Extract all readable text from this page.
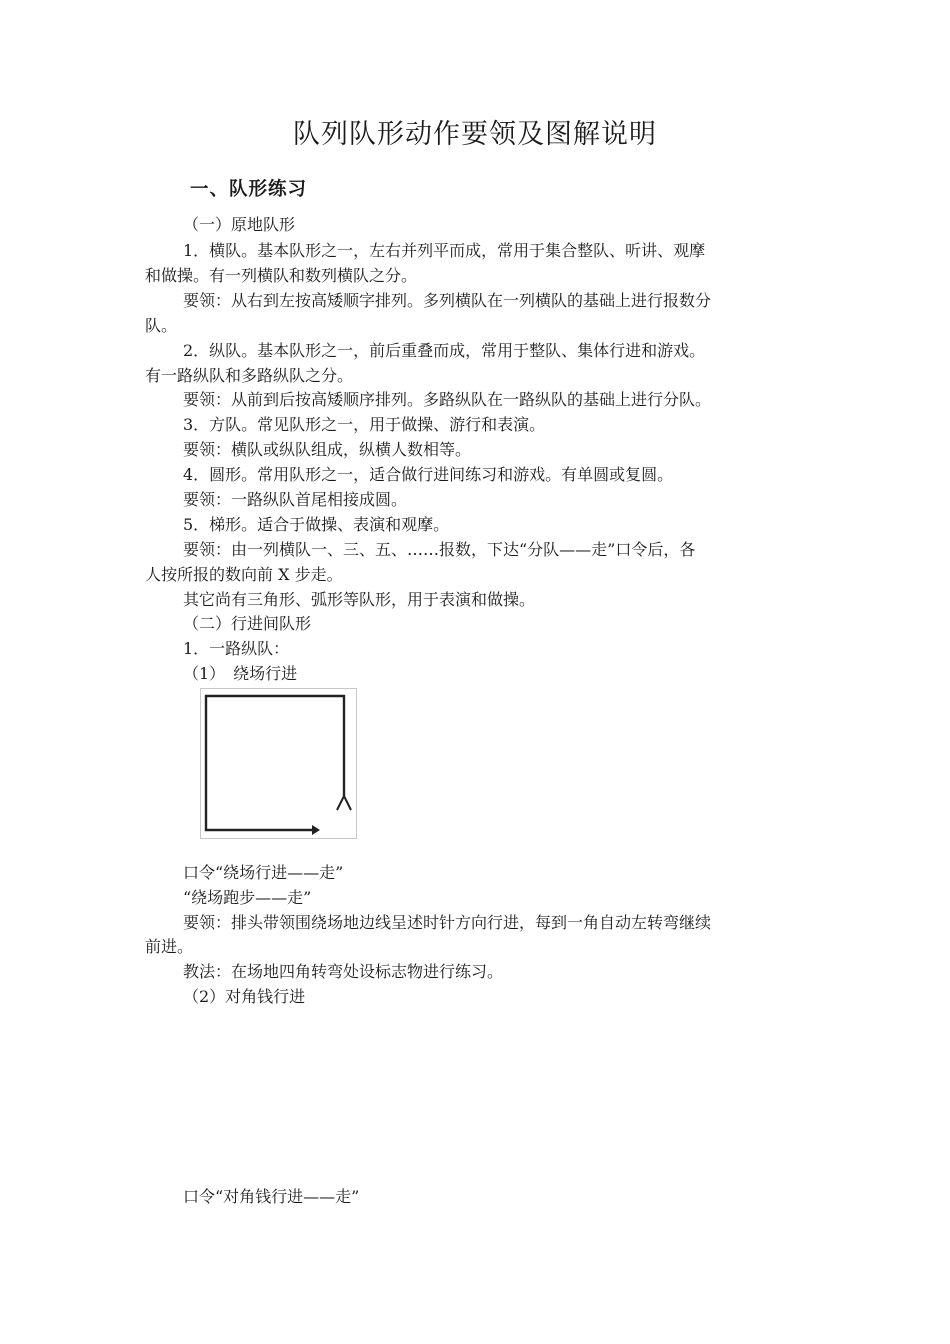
队列队形动作要领及图解说明
一、队形练习
（一）原地队形
1．横队。基本队形之一，左右并列平而成，常用于集合整队、听讲、观摩
和做操。有一列横队和数列横队之分。
要领：从右到左按高矮顺字排列。多列横队在一列横队的基础上进行报数分
队。
2．纵队。基本队形之一，前后重叠而成，常用于整队、集体行进和游戏。
有一路纵队和多路纵队之分。
要领：从前到后按高矮顺序排列。多路纵队在一路纵队的基础上进行分队。
3．方队。常见队形之一，用于做操、游行和表演。
要领：横队或纵队组成，纵横人数相等。
4．圆形。常用队形之一，适合做行进间练习和游戏。有单圆或复圆。
要领：一路纵队首尾相接成圆。
5．梯形。适合于做操、表演和观摩。
要领：由一列横队一、三、五、……报数，下达“分队——走”口令后，各
人按所报的数向前 X 步走。
其它尚有三角形、弧形等队形，用于表演和做操。
（二）行进间队形
1．一路纵队：
（1）　绕场行进
口令“绕场行进——走”
“绕场跑步——走”
要领：排头带领围绕场地边线呈述时针方向行进，每到一角自动左转弯继续
前进。
教法：在场地四角转弯处设标志物进行练习。
（2）对角钱行进
口令“对角钱行进——走”
